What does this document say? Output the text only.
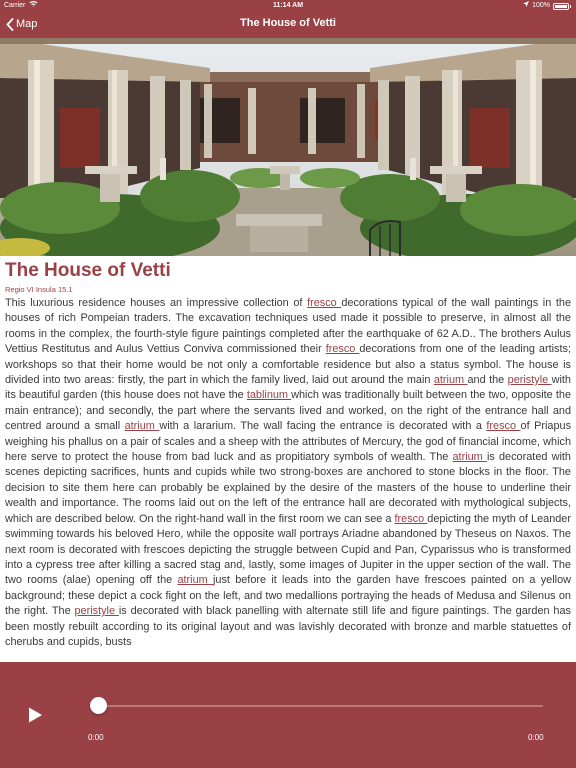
Carrier	11:14 AM	100%
Map	The House of Vetti
The House of Vetti
Regio VI Insula 15.1

This luxurious residence houses an impressive collection of fresco decorations typical of the wall paintings in the houses of rich Pompeian traders. The excavation techniques used made it possible to preserve, in almost all the rooms in the complex, the fourth-style figure paintings completed after the earthquake of 62 A.D.. The brothers Aulus Vettius Restitutus and Aulus Vettius Conviva commissioned their fresco decorations from one of the leading artists; workshops so that their home would be not only a comfortable residence but also a status symbol. The house is divided into two areas: firstly, the part in which the family lived, laid out around the main atrium and the peristyle with its beautiful garden (this house does not have the tablinum which was traditionally built between the two, opposite the main entrance); and secondly, the part where the servants lived and worked, on the right of the entrance hall and centred around a small atrium with a lararium. The wall facing the entrance is decorated with a fresco of Priapus weighing his phallus on a pair of scales and a sheep with the attributes of Mercury, the god of financial income, which here serve to protect the house from bad luck and as propitiatory symbols of wealth. The atrium is decorated with scenes depicting sacrifices, hunts and cupids while two strong-boxes are anchored to stone blocks in the floor. The decision to site them here can probably be explained by the desire of the masters of the house to underline their wealth and importance. The rooms laid out on the left of the entrance hall are decorated with mythological subjects, which are described below. On the right-hand wall in the first room we can see a fresco depicting the myth of Leander swimming towards his beloved Hero, while the opposite wall portrays Ariadne abandoned by Theseus on Naxos. The next room is decorated with frescoes depicting the struggle between Cupid and Pan, Cyparissus who is transformed into a cypress tree after killing a sacred stag and, lastly, some images of Jupiter in the upper section of the wall. The two rooms (alae) opening off the atrium just before it leads into the garden have frescoes painted on a yellow background; these depict a cock fight on the left, and two medallions portraying the heads of Medusa and Silenus on the right. The peristyle is decorated with black panelling with alternate still life and figure paintings. The garden has been mostly rebuilt according to its original layout and was lavishly decorated with bronze and marble statuettes of cherubs and cupids, busts

0:00	0:00
